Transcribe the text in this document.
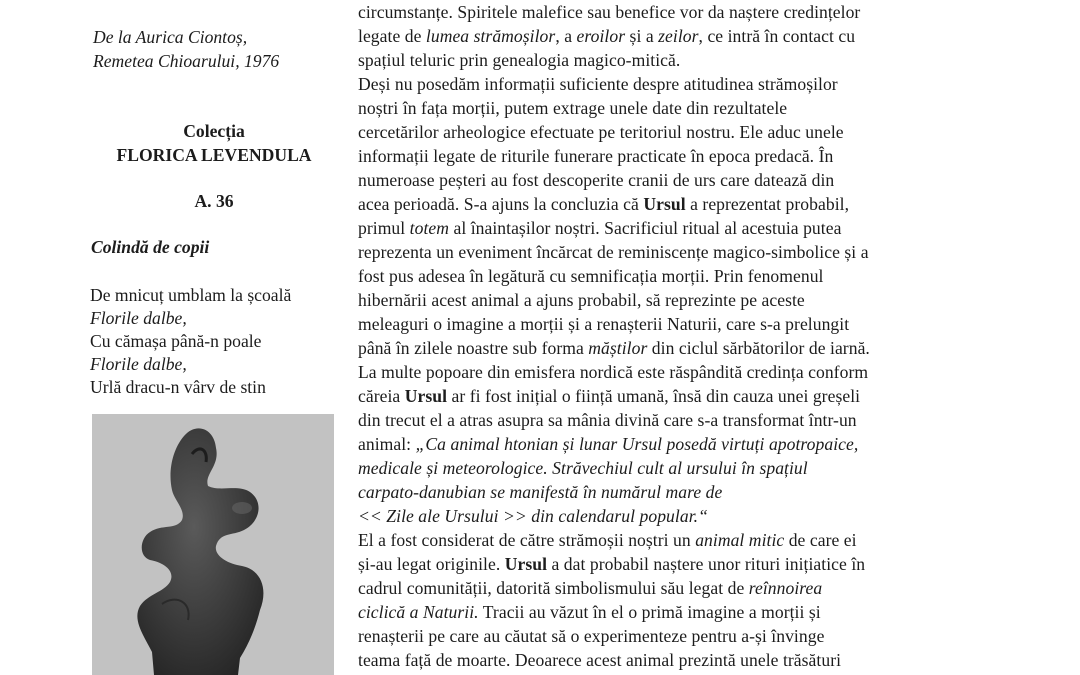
De la Aurica Ciontoș,
Remetea Chioarului, 1976
Colecția
FLORICA LEVENDULA
A. 36
Colindă de copii
De mnicuț umblam la școală
Florile dalbe,
Cu cămașa până-n poale
Florile dalbe,
Urlă dracu-n vârv de stin
circumstanțe. Spiritele malefice sau benefice vor da naștere credințelor
legate de lumea strămoșilor, a eroilor și a zeilor, ce intră în contact cu
spațiul teluric prin genealogia magico-mitică.
Deși nu posedăm informații suficiente despre atitudinea strămoșilor
noștri în fața morții, putem extrage unele date din rezultatele
cercetărilor arheologice efectuate pe teritoriul nostru. Ele aduc unele
informații legate de riturile funerare practicate în epoca predacă. În
numeroase peșteri au fost descoperite cranii de urs care datează din
acea perioadă. S-a ajuns la concluzia că Ursul a reprezentat probabil,
primul totem al înaintașilor noștri. Sacrificiul ritual al acestuia putea
reprezenta un eveniment încărcat de reminiscențe magico-simbolice și a
fost pus adesea în legătură cu semnificația morții. Prin fenomenul
hibernării acest animal a ajuns probabil, să reprezinte pe aceste
meleaguri o imagine a morții și a renașterii Naturii, care s-a prelungit
până în zilele noastre sub forma măștilor din ciclul sărbătorilor de iarnă.
La multe popoare din emisfera nordică este răspândită credința conform
căreia Ursul ar fi fost inițial o ființă umană, însă din cauza unei greșeli
din trecut el a atras asupra sa mânia divină care s-a transformat într-un
animal: „Ca animal htonian și lunar Ursul posedă virtuți apotropaice,
medicale și meteorologice. Străvechiul cult al ursului în spațiul
carpato-danubian se manifestă în numărul mare de
<< Zile ale Ursului >> din calendarul popular.“
El a fost considerat de către strămoșii noștri un animal mitic de care ei
și-au legat originile. Ursul a dat probabil naștere unor rituri inițiatice în
cadrul comunității, datorită simbolismului său legat de reînnoirea
ciclică a Naturii. Tracii au văzut în el o primă imagine a morții și
renașterii pe care au căutat să o experimenteze pentru a-și învinge
teama față de moarte. Deoarece acest animal prezintă unele trăsături
